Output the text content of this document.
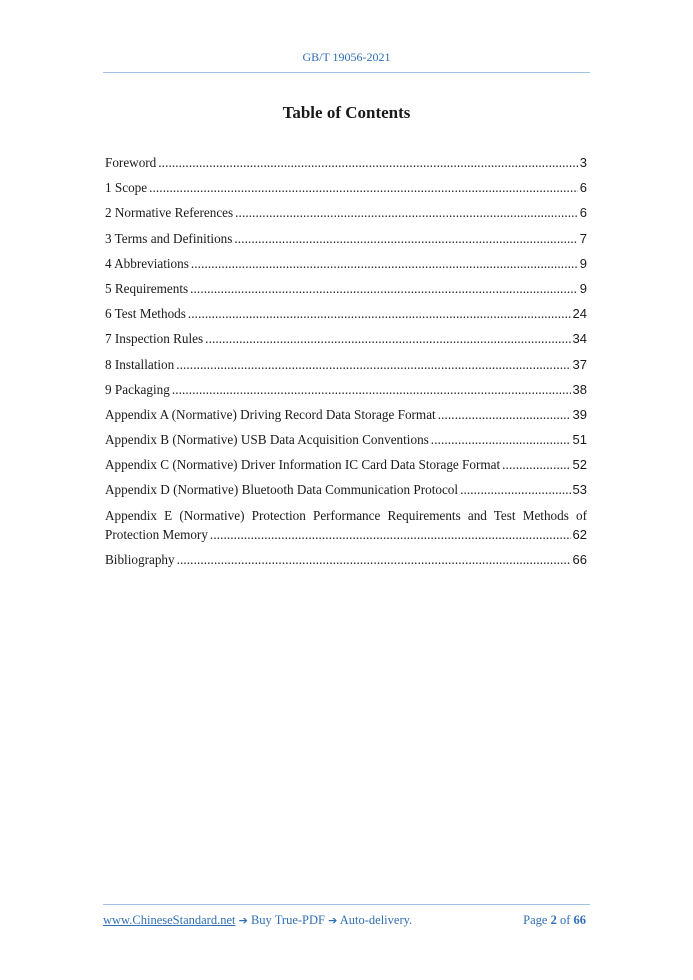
GB/T 19056-2021
Table of Contents
Foreword . . .	3
1 Scope . . .	6
2 Normative References . . .	6
3 Terms and Definitions . . .	7
4 Abbreviations . . .	9
5 Requirements . . .	9
6 Test Methods . . .	24
7 Inspection Rules . . .	34
8 Installation . . .	37
9 Packaging . . .	38
Appendix A (Normative) Driving Record Data Storage Format . . .	39
Appendix B (Normative) USB Data Acquisition Conventions . . .	51
Appendix C (Normative) Driver Information IC Card Data Storage Format . . .	52
Appendix D (Normative) Bluetooth Data Communication Protocol . . .	53
Appendix E (Normative) Protection Performance Requirements and Test Methods of
Protection Memory . . .	62
Bibliography . . .	66
www.ChineseStandard.net ➔ Buy True-PDF ➔ Auto-delivery.	Page 2 of 66
